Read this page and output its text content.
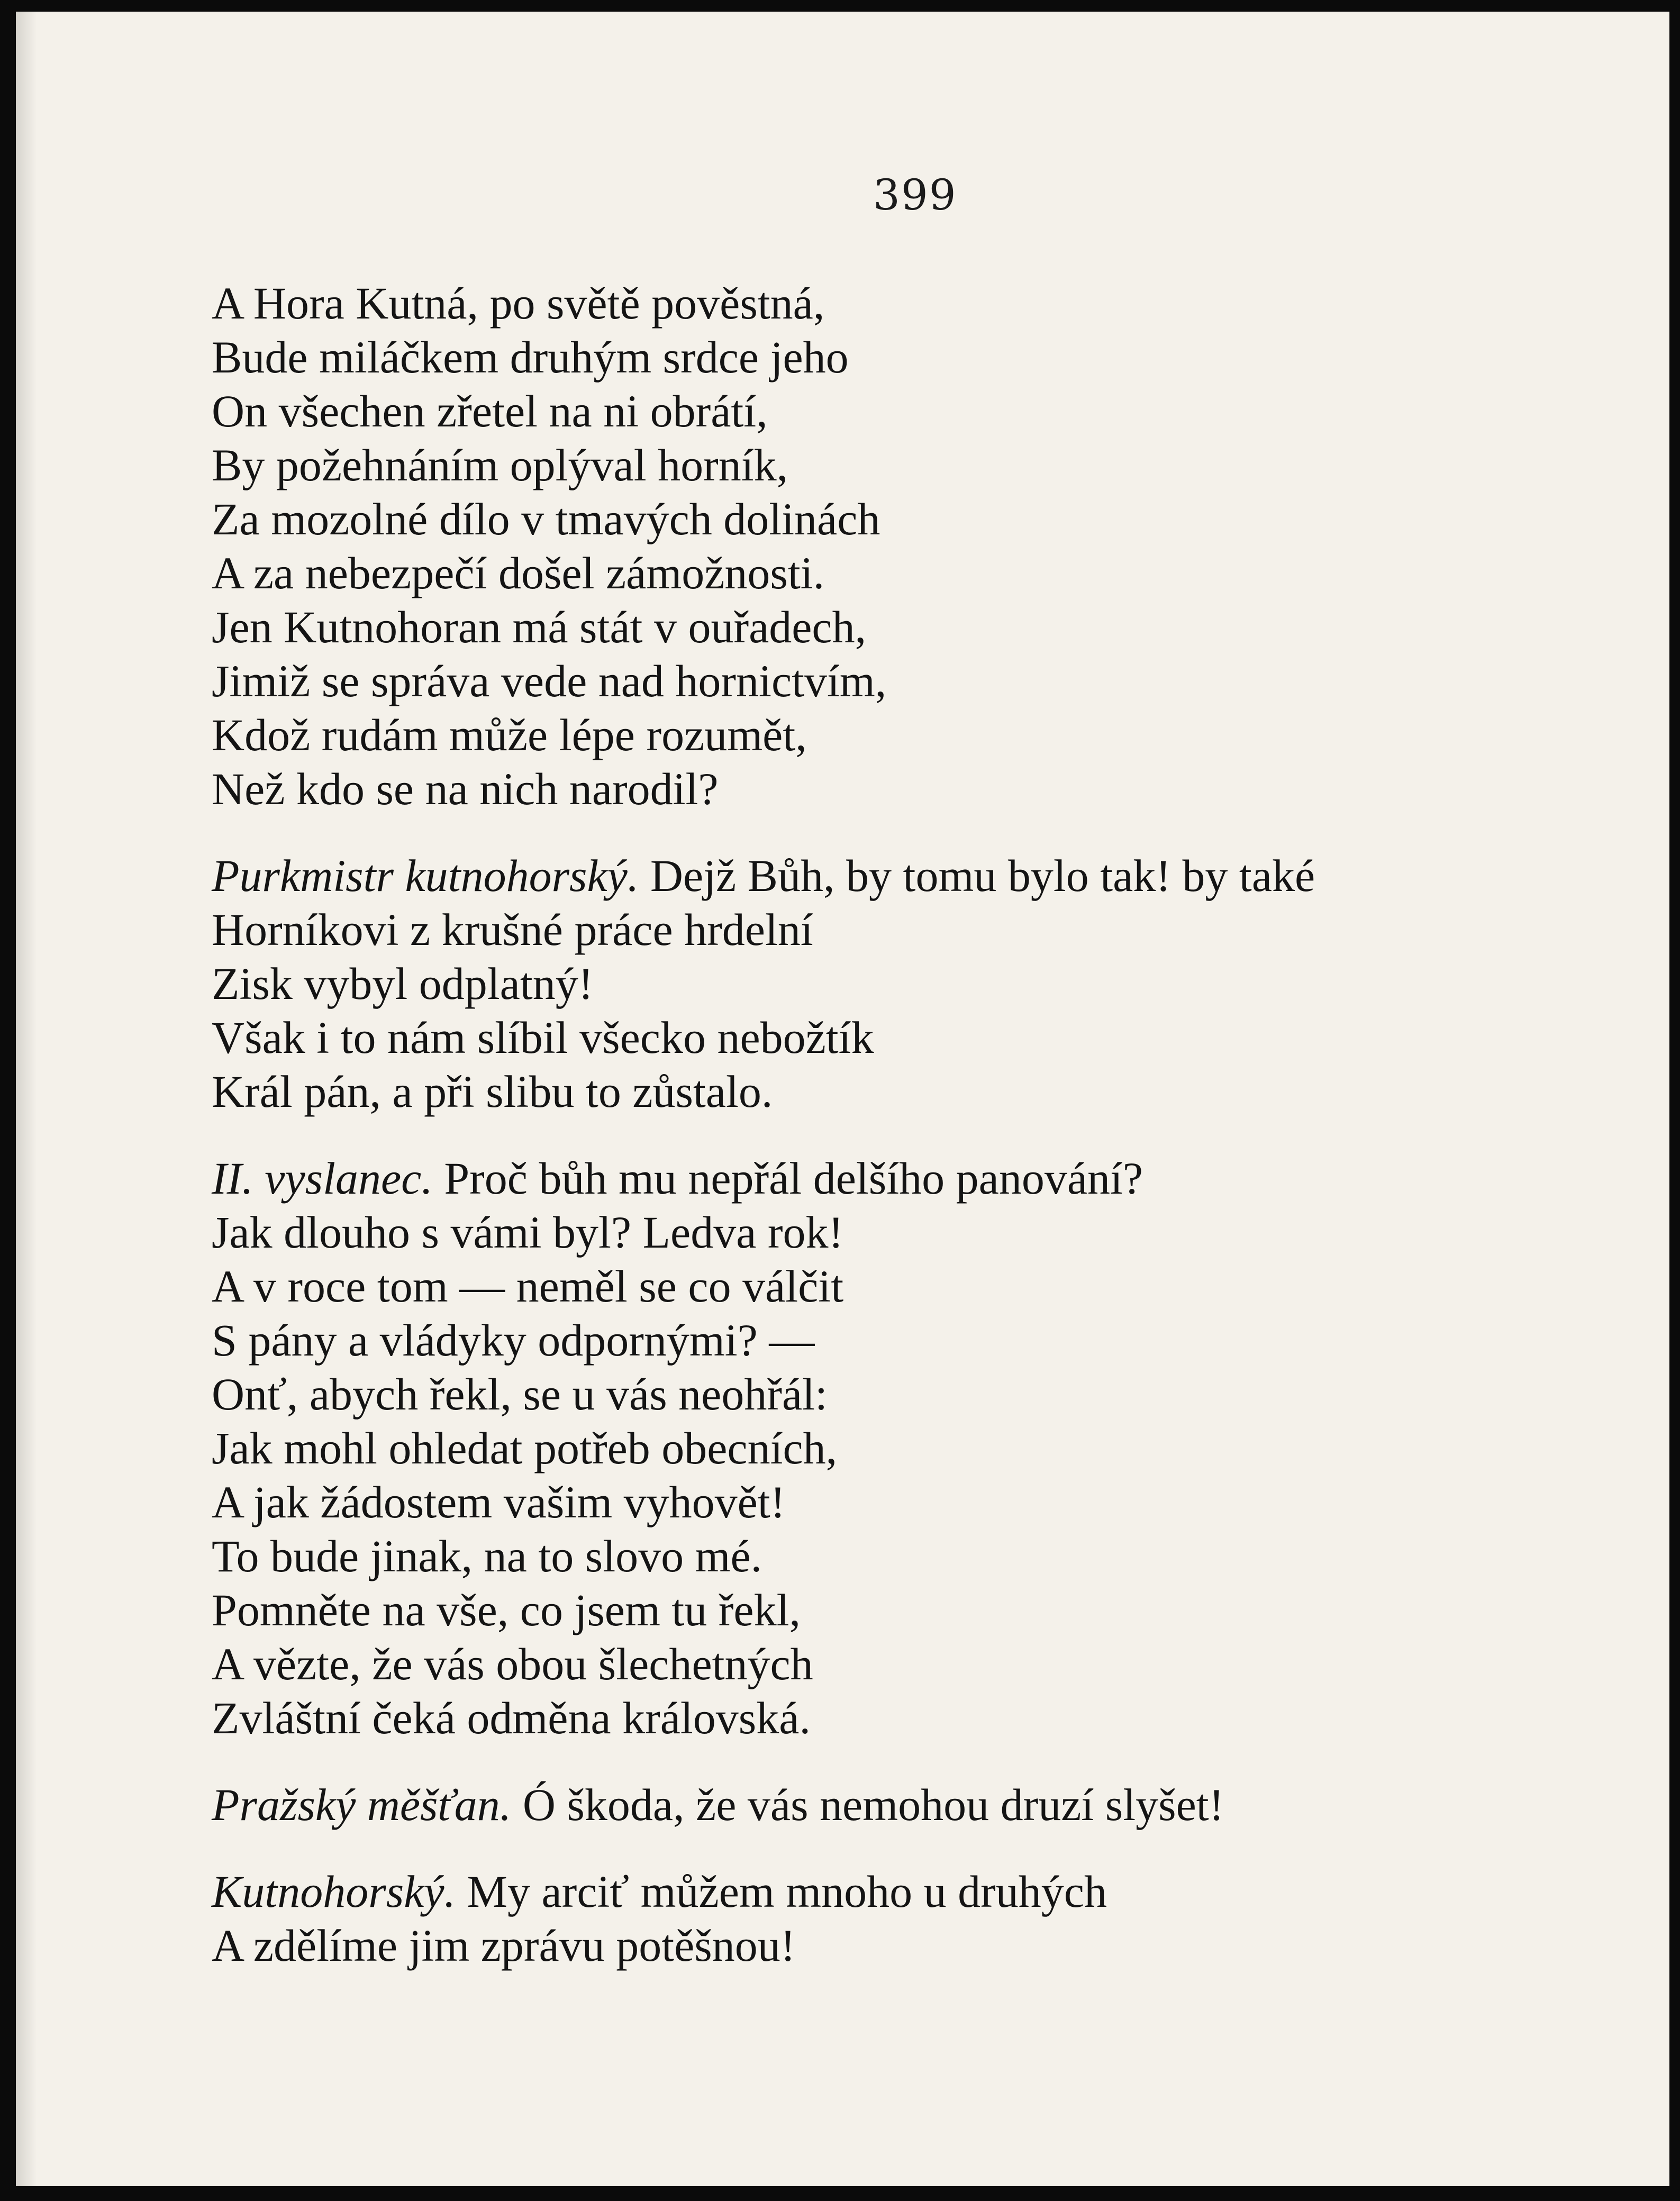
399
A Hora Kutná, po světě pověstná,
Bude miláčkem druhým srdce jeho
On všechen zřetel na ni obrátí,
By požehnáním oplýval horník,
Za mozolné dílo v tmavých dolinách
A za nebezpečí došel zámožnosti.
Jen Kutnohoran má stát v ouřadech,
Jimiž se správa vede nad hornictvím,
Kdož rudám může lépe rozumět,
Než kdo se na nich narodil?
Purkmistr kutnohorský. Dejž Bůh, by tomu bylo tak! by také
Horníkovi z krušné práce hrdelní
Zisk vybyl odplatný!
Však i to nám slíbil všecko nebožtík
Král pán, a při slibu to zůstalo.
II. vyslanec. Proč bůh mu nepřál delšího panování?
Jak dlouho s vámi byl? Ledva rok!
A v roce tom — neměl se co válčit
S pány a vládyky odpornými? —
Onť, abych řekl, se u vás neohřál:
Jak mohl ohledat potřeb obecních,
A jak žádostem vašim vyhovět!
To bude jinak, na to slovo mé.
Pomněte na vše, co jsem tu řekl,
A vězte, že vás obou šlechetných
Zvláštní čeká odměna královská.
Pražský měšťan. Ó škoda, že vás nemohou druzí slyšet!
Kutnohorský. My arciť můžem mnoho u druhých
A zdělíme jim zprávu potěšnou!
